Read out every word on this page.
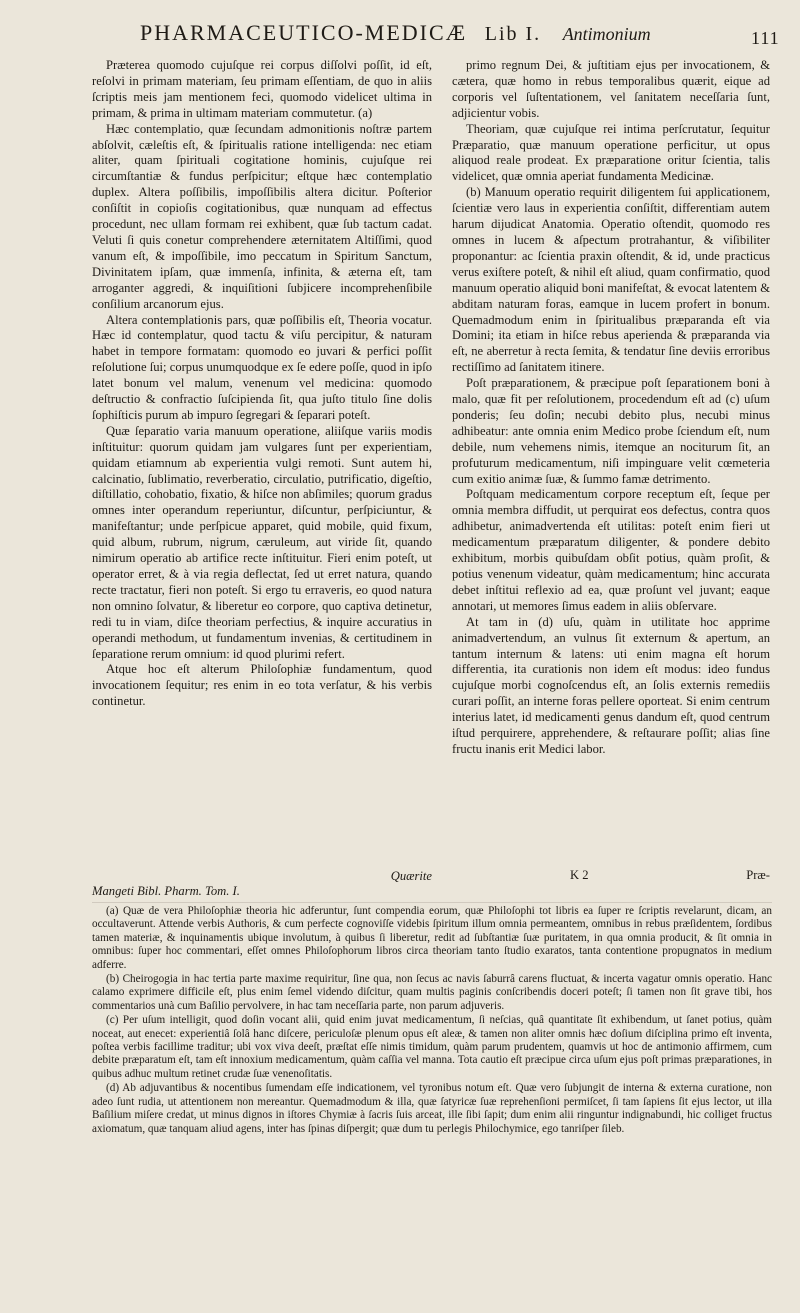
PHARMACEUTICO-MEDICÆ Lib I. Antimonium	111

Præterea quomodo cujuſque rei corpus diſſolvi poſſit, id eſt, reſolvi in primam materiam, ſeu primam eſſentiam, de quo in aliis ſcriptis meis jam mentionem feci, quomodo videlicet ultima in primam, & prima in ultimam materiam commutetur. (a)

Hæc contemplatio, quæ ſecundam admonitionis noſtræ partem abſolvit, cæleſtis eſt, & ſpiritualis ratione intelligenda: nec etiam aliter, quam ſpirituali cogitatione hominis, cujuſque rei circumſtantiæ & fundus perſpicitur; eſtque hæc contemplatio duplex. Altera poſſibilis, impoſſibilis altera dicitur. Poſterior conſiſtit in copioſis cogitationibus, quæ nunquam ad effectus procedunt, nec ullam formam rei exhibent, quæ ſub tactum cadat. Veluti ſi quis conetur comprehendere æternitatem Altiſſimi, quod vanum eſt, & impoſſibile, imo peccatum in Spiritum Sanctum, Divinitatem ipſam, quæ immenſa, infinita, & æterna eſt, tam arroganter aggredi, & inquiſitioni ſubjicere incomprehenſibile conſilium arcanorum ejus.

Altera contemplationis pars, quæ poſſibilis eſt, Theoria vocatur. Hæc id contemplatur, quod tactu & viſu percipitur, & naturam habet in tempore formatam: quomodo eo juvari & perfici poſſit reſolutione ſui; corpus unumquodque ex ſe edere poſſe, quod in ipſo latet bonum vel malum, venenum vel medicina: quomodo deſtructio & confractio ſuſcipienda ſit, qua juſto titulo ſine dolis ſophiſticis purum ab impuro ſegregari & ſeparari poteſt.

Quæ ſeparatio varia manuum operatione, aliiſque variis modis inſtituitur: quorum quidam jam vulgares ſunt per experientiam, quidam etiamnum ab experientia vulgi remoti. Sunt autem hi, calcinatio, ſublimatio, reverberatio, circulatio, putrificatio, digeſtio, diſtillatio, cohobatio, fixatio, & hiſce non abſimiles; quorum gradus omnes inter operandum reperiuntur, diſcuntur, perſpiciuntur, & manifeſtantur; unde perſpicue apparet, quid mobile, quid fixum, quid album, rubrum, nigrum, cæruleum, aut viride ſit, quando nimirum operatio ab artifice recte inſtituitur. Fieri enim poteſt, ut operator erret, & à via regia deflectat, ſed ut erret natura, quando recte tractatur, fieri non poteſt. Si ergo tu erraveris, eo quod natura non omnino ſolvatur, & liberetur eo corpore, quo captiva detinetur, redi tu in viam, diſce theoriam perfectius, & inquire accuratius in operandi methodum, ut fundamentum invenias, & certitudinem in ſeparatione rerum omnium: id quod plurimi refert.

Atque hoc eſt alterum Philoſophiæ fundamentum, quod invocationem ſequitur; res enim in eo tota verſatur, & his verbis continetur.

primo regnum Dei, & juſtitiam ejus per invocationem, & cætera, quæ homo in rebus temporalibus quærit, eique ad corporis vel ſuſtentationem, vel ſanitatem neceſſaria ſunt, adjicientur vobis.

Theoriam, quæ cujuſque rei intima perſcrutatur, ſequitur Præparatio, quæ manuum operatione perficitur, ut opus aliquod reale prodeat. Ex præparatione oritur ſcientia, talis videlicet, quæ omnia aperiat fundamenta Medicinæ.

(b) Manuum operatio requirit diligentem ſui applicationem, ſcientiæ vero laus in experientia conſiſtit, differentiam autem harum dijudicat Anatomia. Operatio oſtendit, quomodo res omnes in lucem & aſpectum protrahantur, & viſibiliter proponantur: ac ſcientia praxin oſtendit, & id, unde practicus verus exiſtere poteſt, & nihil eſt aliud, quam confirmatio, quod manuum operatio aliquid boni manifeſtat, & evocat latentem & abditam naturam foras, eamque in lucem profert in bonum. Quemadmodum enim in ſpiritualibus præparanda eſt via Domini; ita etiam in hiſce rebus aperienda & præparanda via eſt, ne aberretur à recta ſemita, & tendatur ſine deviis erroribus rectiſſimo ad ſanitatem itinere.

Poſt præparationem, & præcipue poſt ſeparationem boni à malo, quæ fit per reſolutionem, procedendum eſt ad (c) uſum ponderis; ſeu doſin; necubi debito plus, necubi minus adhibeatur: ante omnia enim Medico probe ſciendum eſt, num debile, num vehemens nimis, itemque an nociturum ſit, an profuturum medicamentum, niſi impinguare velit cœmeteria cum exitio animæ ſuæ, & ſummo famæ detrimento.

Poſtquam medicamentum corpore receptum eſt, ſeque per omnia membra diffudit, ut perquirat eos defectus, contra quos adhibetur, animadvertenda eſt utilitas: poteſt enim fieri ut medicamentum præparatum diligenter, & pondere debito exhibitum, morbis quibuſdam obſit potius, quàm proſit, & potius venenum videatur, quàm medicamentum; hinc accurata debet inſtitui reflexio ad ea, quæ proſunt vel juvant; eaque annotari, ut memores ſimus eadem in aliis obſervare.

At tam in (d) uſu, quàm in utilitate hoc apprime animadvertendum, an vulnus ſit externum & apertum, an tantum internum & latens: uti enim magna eſt horum differentia, ita curationis non idem eſt modus: ideo fundus cujuſque morbi cognoſcendus eſt, an ſolis externis remediis curari poſſit, an interne foras pellere oporteat. Si enim centrum interius latet, id medicamenti genus dandum eſt, quod centrum iſtud perquirere, apprehendere, & reſtaurare poſſit; alias ſine fructu inanis erit Medici labor.

Quærite
Mangeti Bibl. Pharm. Tom. I.
K 2	Præ-

(a) Quæ de vera Philoſophiæ theoria hic adferuntur, ſunt compendia eorum, quæ Philoſophi tot libris ea ſuper re ſcriptis revelarunt, dicam, an occultaverunt. Attende verbis Authoris, & cum perfecte cognoviſſe videbis ſpiritum illum omnia permeantem, omnibus in rebus præſidentem, ſordibus tamen materiæ, & inquinamentis ubique involutum, à quibus ſi liberetur, redit ad ſubſtantiæ ſuæ puritatem, in qua omnia producit, & ſit omnia in omnibus: ſuper hoc commentari, eſſet omnes Philoſophorum libros circa theoriam tanto ſtudio exaratos, tanta contentione propugnatos in medium adferre.

(b) Cheirogogia in hac tertia parte maxime requiritur, ſine qua, non ſecus ac navis ſaburrâ carens fluctuat, & incerta vagatur omnis operatio. Hanc calamo exprimere difficile eſt, plus enim ſemel videndo diſcitur, quam multis paginis conſcribendis doceri poteſt; ſi tamen non ſit grave tibi, hos commentarios unà cum Baſilio pervolvere, in hac tam neceſſaria parte, non parum adjuveris.

(c) Per uſum intelligit, quod doſin vocant alii, quid enim juvat medicamentum, ſi neſcias, quâ quantitate ſit exhibendum, ut ſanet potius, quàm noceat, aut enecet: experientiâ ſolâ hanc diſcere, periculoſæ plenum opus eſt aleæ, & tamen non aliter omnis hæc doſium diſciplina primo eſt inventa, poſtea verbis facillime traditur; ubi vox viva deeſt, præſtat eſſe nimis timidum, quàm parum prudentem, quamvis ut hoc de antimonio affirmem, cum debite præparatum eſt, tam eſt innoxium medicamentum, quàm caſſia vel manna. Tota cautio eſt præcipue circa uſum ejus poſt primas præparationes, in quibus adhuc multum retinet crudæ ſuæ venenoſitatis.

(d) Ab adjuvantibus & nocentibus ſumendam eſſe indicationem, vel tyronibus notum eſt. Quæ vero ſubjungit de interna & externa curatione, non adeo ſunt rudia, ut attentionem non mereantur. Quemadmodum & illa, quæ ſatyricæ ſuæ reprehenſioni permiſcet, ſi tam ſapiens ſit ejus lector, ut illa Baſilium miſere credat, ut minus dignos in iſtores Chymiæ à ſacris ſuis arceat, ille ſibi ſapit; dum enim alii ringuntur indignabundi, hic colliget fructus axiomatum, quæ tanquam aliud agens, inter has ſpinas diſpergit; quæ dum tu perlegis Philochymice, ego tanriſper ſileb.
